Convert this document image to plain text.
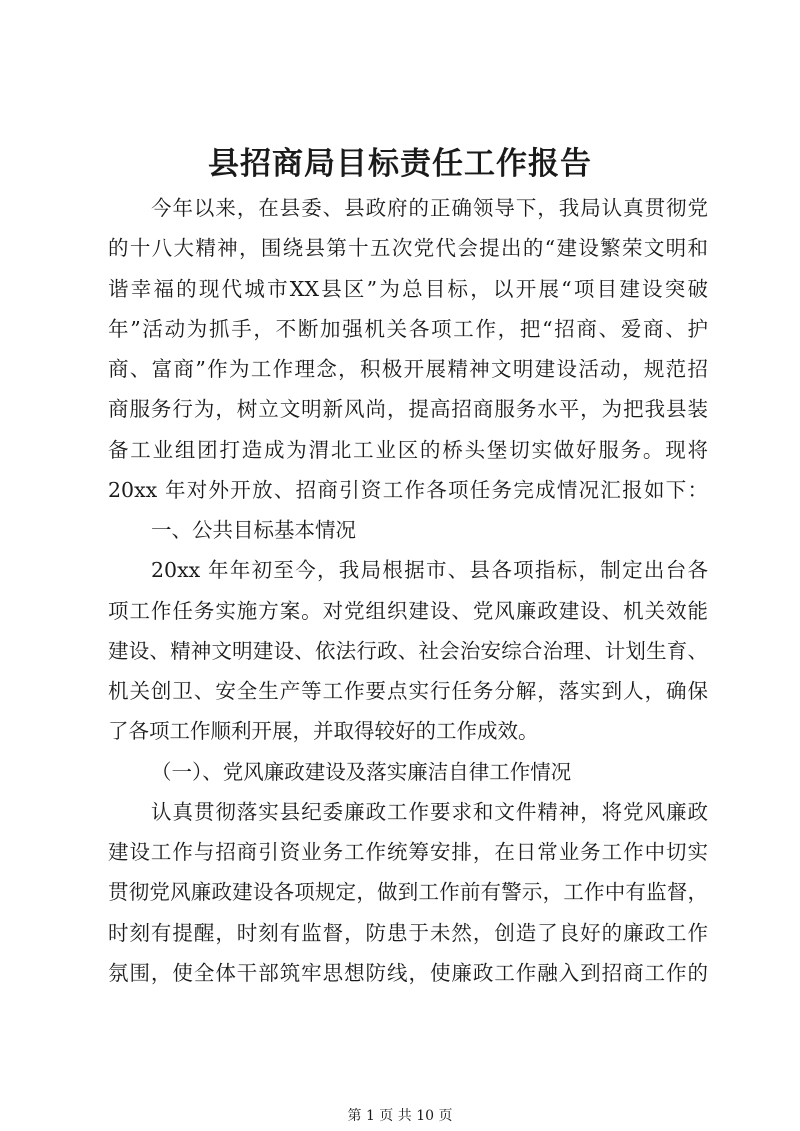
县招商局目标责任工作报告
今年以来，在县委、县政府的正确领导下，我局认真贯彻党
的十八大精神，围绕县第十五次党代会提出的“建设繁荣文明和
谐幸福的现代城市XX县区”为总目标，以开展“项目建设突破
年”活动为抓手，不断加强机关各项工作，把“招商、爱商、护
商、富商”作为工作理念，积极开展精神文明建设活动，规范招
商服务行为，树立文明新风尚，提高招商服务水平，为把我县装
备工业组团打造成为渭北工业区的桥头堡切实做好服务。现将
20xx 年对外开放、招商引资工作各项任务完成情况汇报如下：
一、公共目标基本情况
20xx 年年初至今，我局根据市、县各项指标，制定出台各
项工作任务实施方案。对党组织建设、党风廉政建设、机关效能
建设、精神文明建设、依法行政、社会治安综合治理、计划生育、
机关创卫、安全生产等工作要点实行任务分解，落实到人，确保
了各项工作顺利开展，并取得较好的工作成效。
（一）、党风廉政建设及落实廉洁自律工作情况
认真贯彻落实县纪委廉政工作要求和文件精神，将党风廉政
建设工作与招商引资业务工作统筹安排，在日常业务工作中切实
贯彻党风廉政建设各项规定，做到工作前有警示，工作中有监督，
时刻有提醒，时刻有监督，防患于未然，创造了良好的廉政工作
氛围，使全体干部筑牢思想防线，使廉政工作融入到招商工作的
第 1 页 共 10 页
